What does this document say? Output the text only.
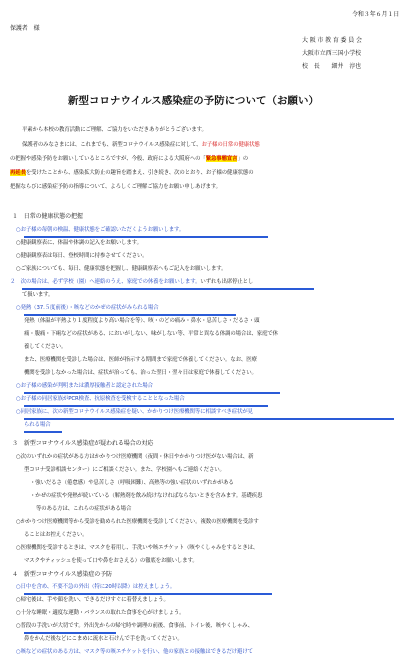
令和３年６月１日
保護者　様
大 阪 市 教 育 委 員 会
大阪市立西三国小学校
校　長　　細井　淳也
新型コロナウイルス感染症の予防について（お願い）
平素から本校の教育活動にご理解、ご協力をいただきありがとうございます。
保護者のみなさまには、これまでも、新型コロナウイルス感染症に対して、お子様の日常の健康状態
の把握や感染予防をお願いしているところですが、今般、政府による大阪府への「緊急事態宣言」の
再延長を受けたことから、感染拡大防止の趣旨を踏まえ、引き続き、次のとおり、お子様の健康状態の
把握ならびに感染症予防の指導について、よろしくご理解ご協力をお願い申しあげます。
１　日常の健康状態の把握
○お子様の毎朝の検温、健康状態をご確認いただくようお願いします。
○健康観察表に、体温や体調の記入をお願いします。
○健康観察表は毎日、登校時間に持参させてください。
○ご家族についても、毎日、健康状態を把握し、健康観察表へもご記入をお願いします。
２　次の場合は、必ず学校（園）へ連絡のうえ、家庭での休養をお願いします。いずれも出席停止とし
て扱います。
○発熱（37.５度前後）・咳などのかぜの症状がみられる場合
発熱（体温が平熱より１度程度より高い場合を等）、咳・のどの痛み・鼻水・息苦しさ・だるさ・頭
痛・腹痛・下痢などの症状がある、においがしない、味がしない等、平常と異なる体調の場合は、家庭で休
養してください。
また、医療機関を受診した場合は、医師が指示する期間まで家庭で休養してください。なお、医療
機関を受診しなかった場合は、症状が治っても、治った翌日・翌々日は家庭で休養してください。
○お子様の感染が判明または濃厚接触者と認定された場合
○お子様の同居家族がPCR検査、抗原検査を受検することとなった場合
○同居家族に、次の新型コロナウイルス感染症を疑い、かかりつけ医療機関等に相談すべき症状が見
られる場合
３　新型コロナウイルス感染症が疑われる場合の対応
○次のいずれかの症状がある方はかかりつけ医療機関（夜間・休日やかかりつけ医がない場合は、新
型コロナ受診相談センター）にご相談ください。また、学校園へもご連絡ください。
・強いだるさ（倦怠感）や息苦しさ（呼吸困難）、高熱等の強い症状のいずれかがある
・かぜの症状や発熱が続いている（解熱剤を飲み続けなければならないときを含みます。基礎疾患
等のある方は、これらの症状がある場合
○かかりつけ医療機関等から受診を勧められた医療機関を受診してください。複数の医療機関を受診す
ることはお控えください。
○医療機関を受診するときは、マスクを着用し、手洗いや咳エチケット（咳やくしゃみをするときは、
マスクやティッシュを使って口や鼻をおさえる）の徹底をお願いします。
４　新型コロナウイルス感染症の予防
○日中を含め、不要不急の外出（特に20時以降）は控えましょう。
○帰宅後は、手や顔を洗い、できるだけすぐに着替えましょう。
○十分な睡眠・適度な運動・バランスの取れた食事を心がけましょう。
○普段の手洗いが大切です。外出先からの帰宅時や調理の前後、食事前、トイレ後、咳やくしゃみ、
鼻をかんだ後などにこまめに流水と石けんで手を洗ってください。
○咳などの症状のある方は、マスク等の咳エチケットを行い、他の家族との接触はできるだけ避けて
